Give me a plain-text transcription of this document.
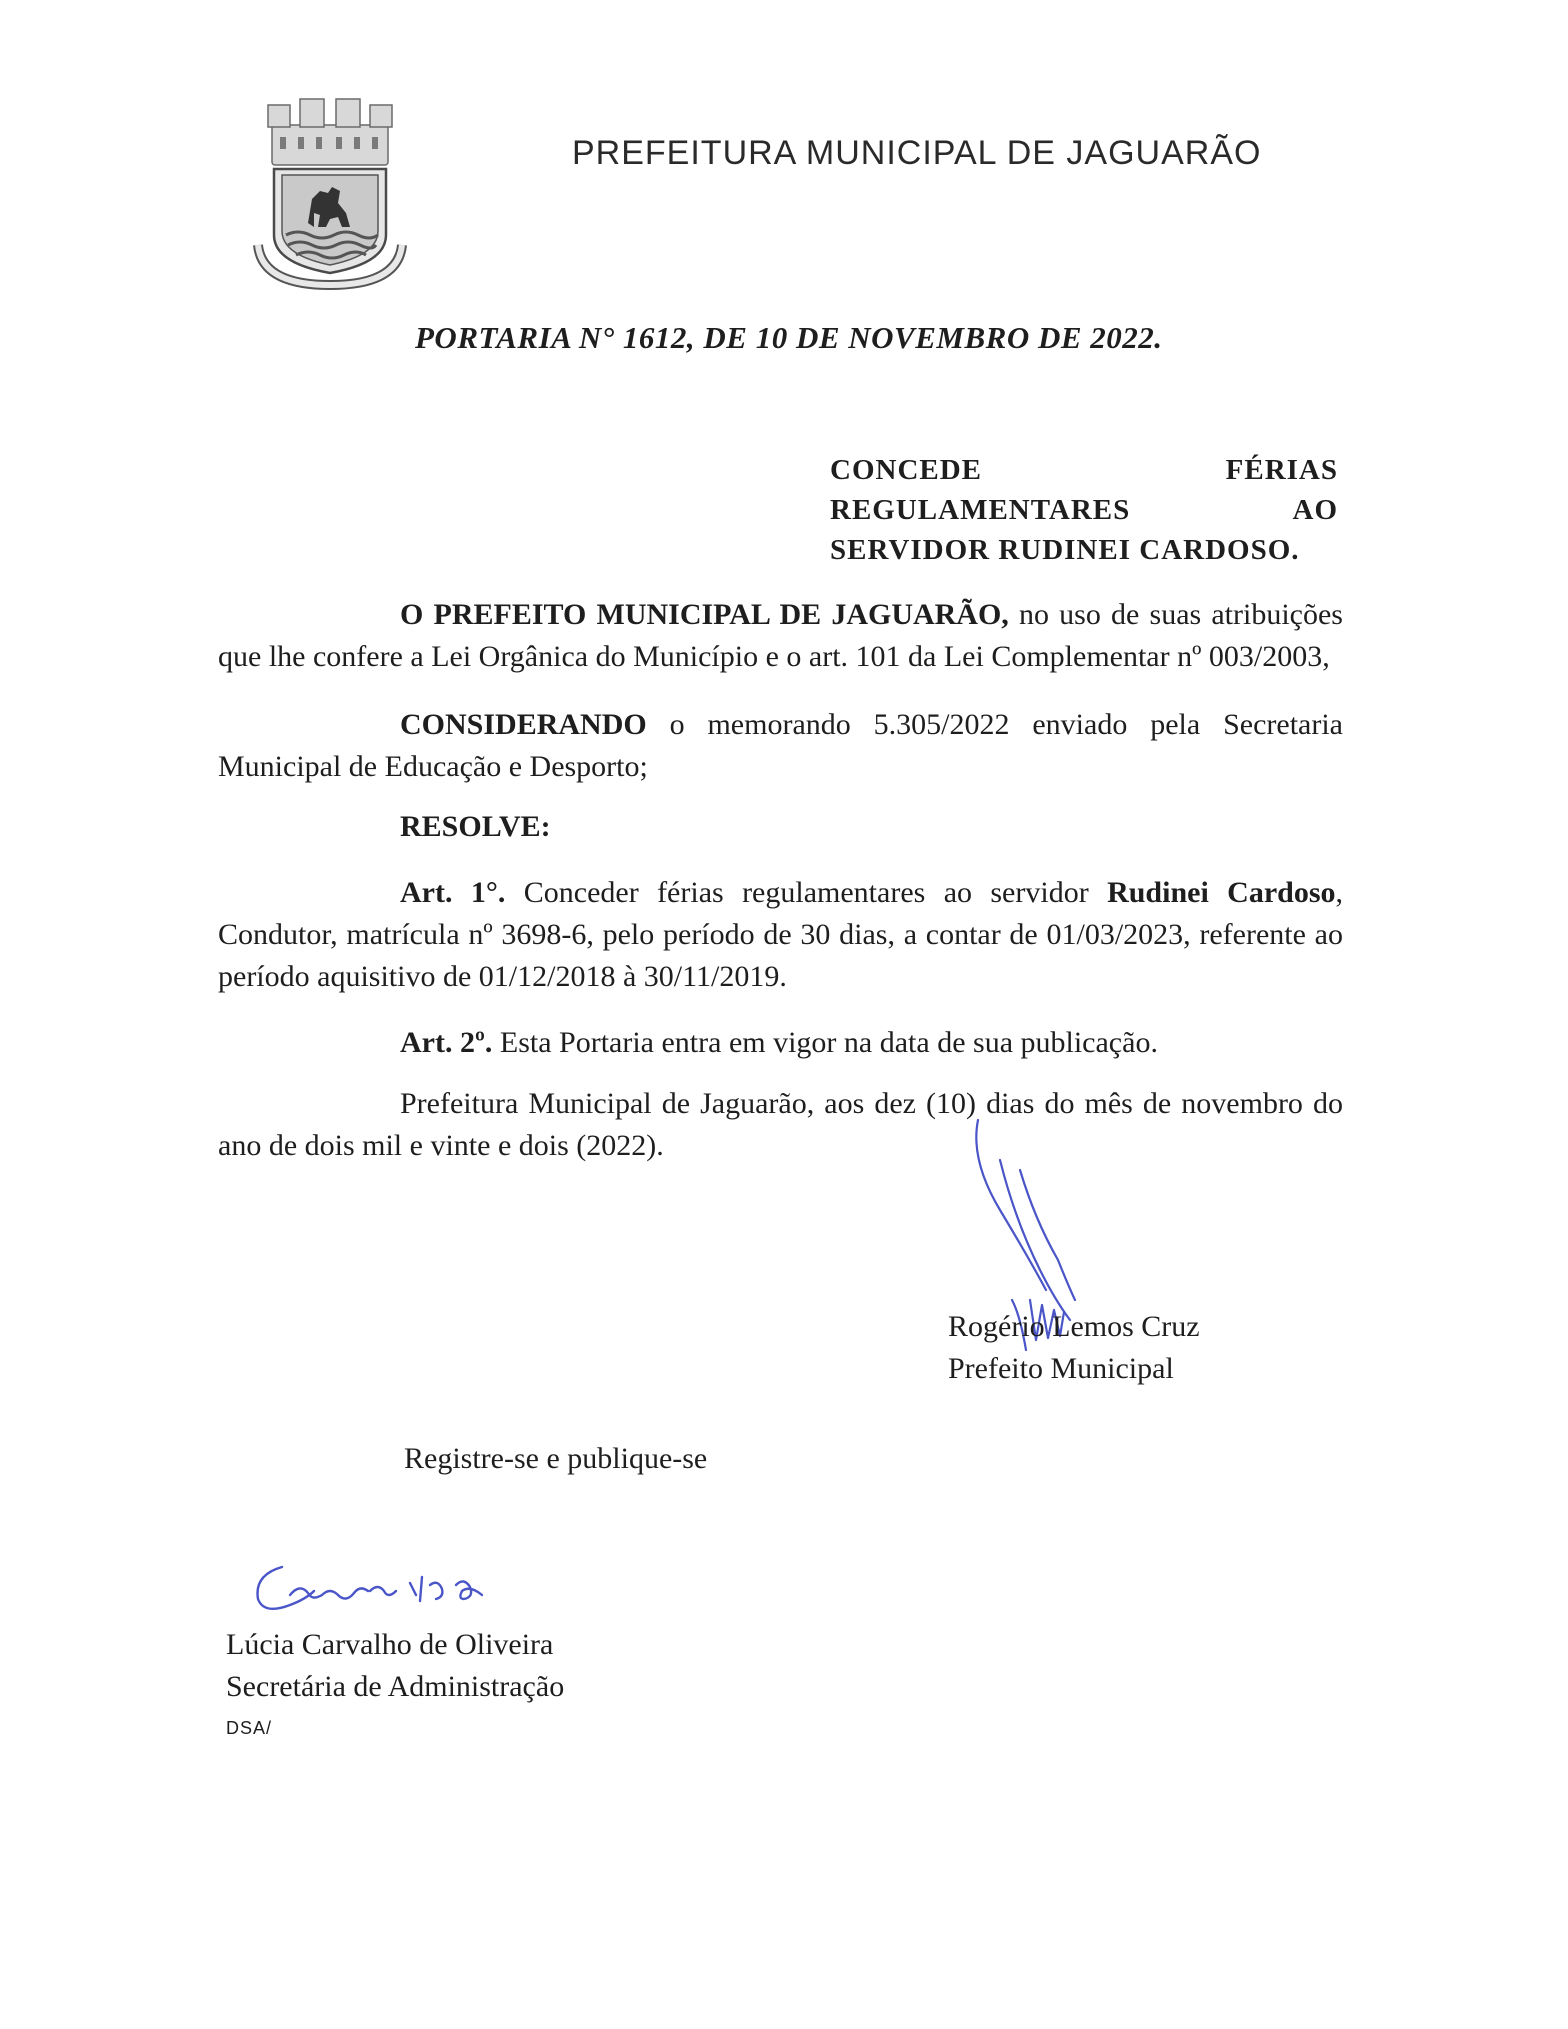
PREFEITURA MUNICIPAL DE JAGUARÃO
PORTARIA N° 1612, DE 10 DE NOVEMBRO DE 2022.
CONCEDE	FÉRIAS
REGULAMENTARES	AO
SERVIDOR RUDINEI CARDOSO.
O PREFEITO MUNICIPAL DE JAGUARÃO, no uso de suas atribuições que lhe confere a Lei Orgânica do Município e o art. 101 da Lei Complementar nº 003/2003,
CONSIDERANDO o memorando 5.305/2022 enviado pela Secretaria Municipal de Educação e Desporto;
RESOLVE:
Art. 1°. Conceder férias regulamentares ao servidor Rudinei Cardoso, Condutor, matrícula nº 3698-6, pelo período de 30 dias, a contar de 01/03/2023, referente ao período aquisitivo de 01/12/2018 à 30/11/2019.
Art. 2º. Esta Portaria entra em vigor na data de sua publicação.
Prefeitura Municipal de Jaguarão, aos dez (10) dias do mês de novembro do ano de dois mil e vinte e dois (2022).
Rogério Lemos Cruz
Prefeito Municipal
Registre-se e publique-se
Lúcia Carvalho de Oliveira
Secretária de Administração
DSA/
